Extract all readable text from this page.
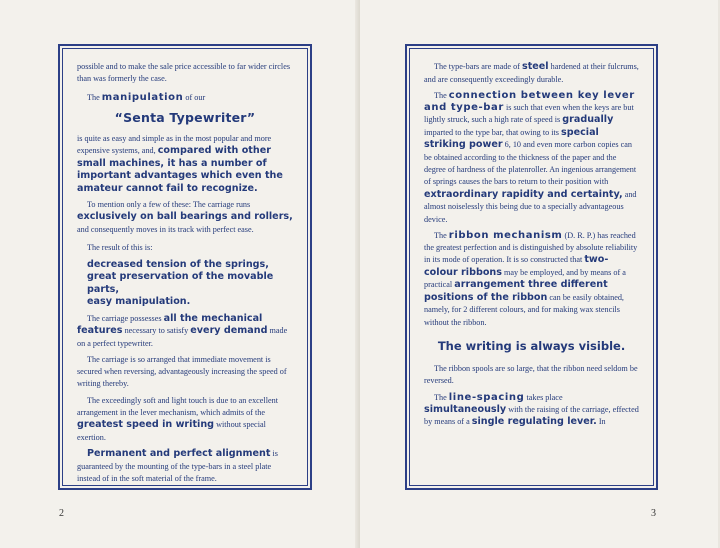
possible and to make the sale price accessible to far wider circles than was formerly the case.

The manipulation of our

“Senta Typewriter”

is quite as easy and simple as in the most popular and more expensive systems, and, compared with other small machines, it has a number of important advantages which even the amateur cannot fail to recognize.

To mention only a few of these: The carriage runs exclusively on ball bearings and rollers, and consequently moves in its track with perfect ease.

The result of this is:

decreased tension of the springs,

great preservation of the movable parts,

easy manipulation.

The carriage possesses all the mechanical features necessary to satisfy every demand made on a perfect typewriter.

The carriage is so arranged that immediate movement is secured when reversing, advantageously increasing the speed of writing thereby.

The exceedingly soft and light touch is due to an excellent arrangement in the lever mechanism, which admits of the greatest speed in writing without special exertion.

Permanent and perfect alignment is guaranteed by the mounting of the type-bars in a steel plate instead of in the soft material of the frame.

2

The type-bars are made of steel hardened at their fulcrums, and are consequently exceedingly durable.

The connection between key lever and type-bar is such that even when the keys are but lightly struck, such a high rate of speed is gradually imparted to the type bar, that owing to its special striking power 6, 10 and even more carbon copies can be obtained according to the thickness of the paper and the degree of hardness of the platenroller. An ingenious arrangement of springs causes the bars to return to their position with extraordinary rapidity and certainty, and almost noiselessly this being due to a specially advantageous device.

The ribbon mechanism (D. R. P.) has reached the greatest perfection and is distinguished by absolute reliability in its mode of operation. It is so constructed that two-colour ribbons may be employed, and by means of a practical arrangement three different positions of the ribbon can be easily obtained, namely, for 2 different colours, and for making wax stencils without the ribbon.

The writing is always visible.

The ribbon spools are so large, that the ribbon need seldom be reversed.

The line-spacing takes place simultaneously with the raising of the carriage, effected by means of a single regulating lever. In

3
